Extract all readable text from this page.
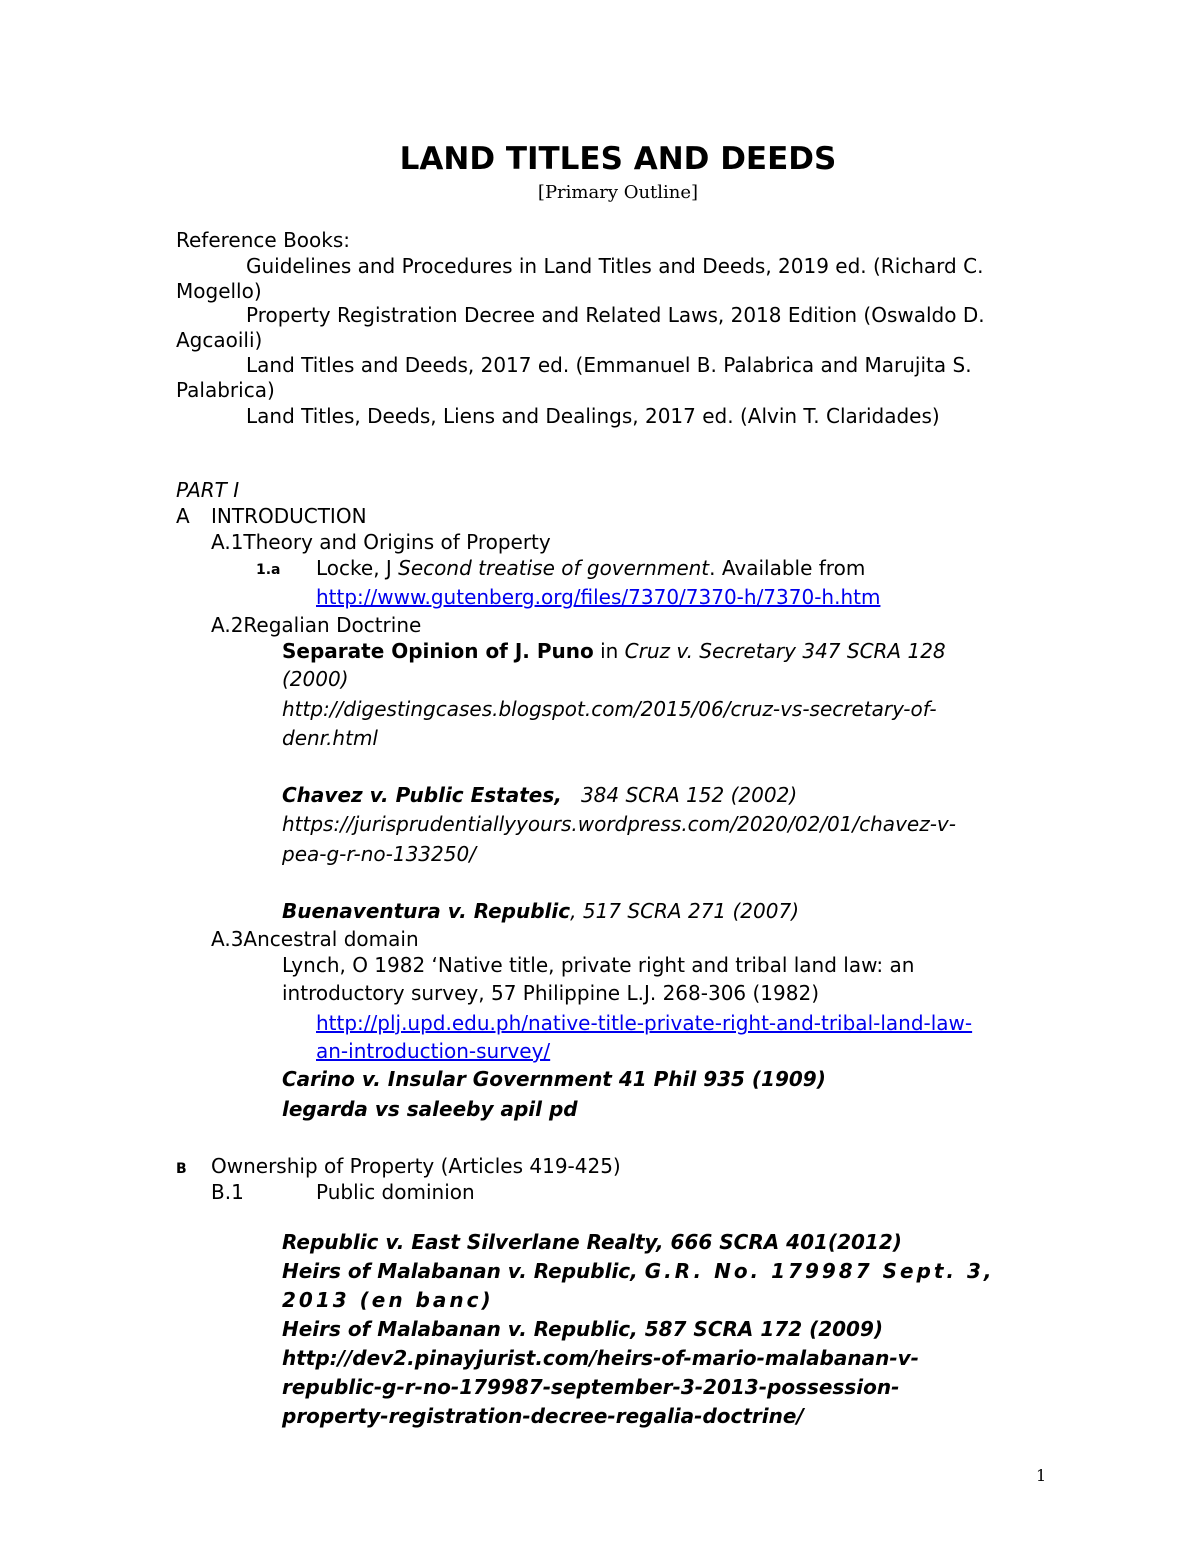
LAND TITLES AND DEEDS
[Primary Outline]
Reference Books:
Guidelines and Procedures in Land Titles and Deeds, 2019 ed. (Richard C.
Mogello)
Property Registration Decree and Related Laws, 2018 Edition (Oswaldo D.
Agcaoili)
Land Titles and Deeds, 2017 ed. (Emmanuel B. Palabrica and Marujita S.
Palabrica)
Land Titles, Deeds, Liens and Dealings, 2017 ed. (Alvin T. Claridades)
PART I
A INTRODUCTION
A.1Theory and Origins of Property
1.a Locke, J Second treatise of government. Available from
http://www.gutenberg.org/files/7370/7370-h/7370-h.htm
A.2Regalian Doctrine
Separate Opinion of J. Puno in Cruz v. Secretary 347 SCRA 128
(2000)
http://digestingcases.blogspot.com/2015/06/cruz-vs-secretary-of-
denr.html
Chavez v. Public Estates, 384 SCRA 152 (2002)
https://jurisprudentiallyyours.wordpress.com/2020/02/01/chavez-v-
pea-g-r-no-133250/
Buenaventura v. Republic, 517 SCRA 271 (2007)
A.3Ancestral domain
Lynch, O 1982 ‘Native title, private right and tribal land law: an
introductory survey, 57 Philippine L.J. 268-306 (1982)
http://plj.upd.edu.ph/native-title-private-right-and-tribal-land-law-
an-introduction-survey/
Carino v. Insular Government 41 Phil 935 (1909)
legarda vs saleeby apil pd
B Ownership of Property (Articles 419-425)
B.1	Public dominion
Republic v. East Silverlane Realty, 666 SCRA 401(2012)
Heirs of Malabanan v. Republic, G.R. No. 179987 Sept. 3,
2013 (en banc)
Heirs of Malabanan v. Republic, 587 SCRA 172 (2009)
http://dev2.pinayjurist.com/heirs-of-mario-malabanan-v-
republic-g-r-no-179987-september-3-2013-possession-
property-registration-decree-regalia-doctrine/
1
